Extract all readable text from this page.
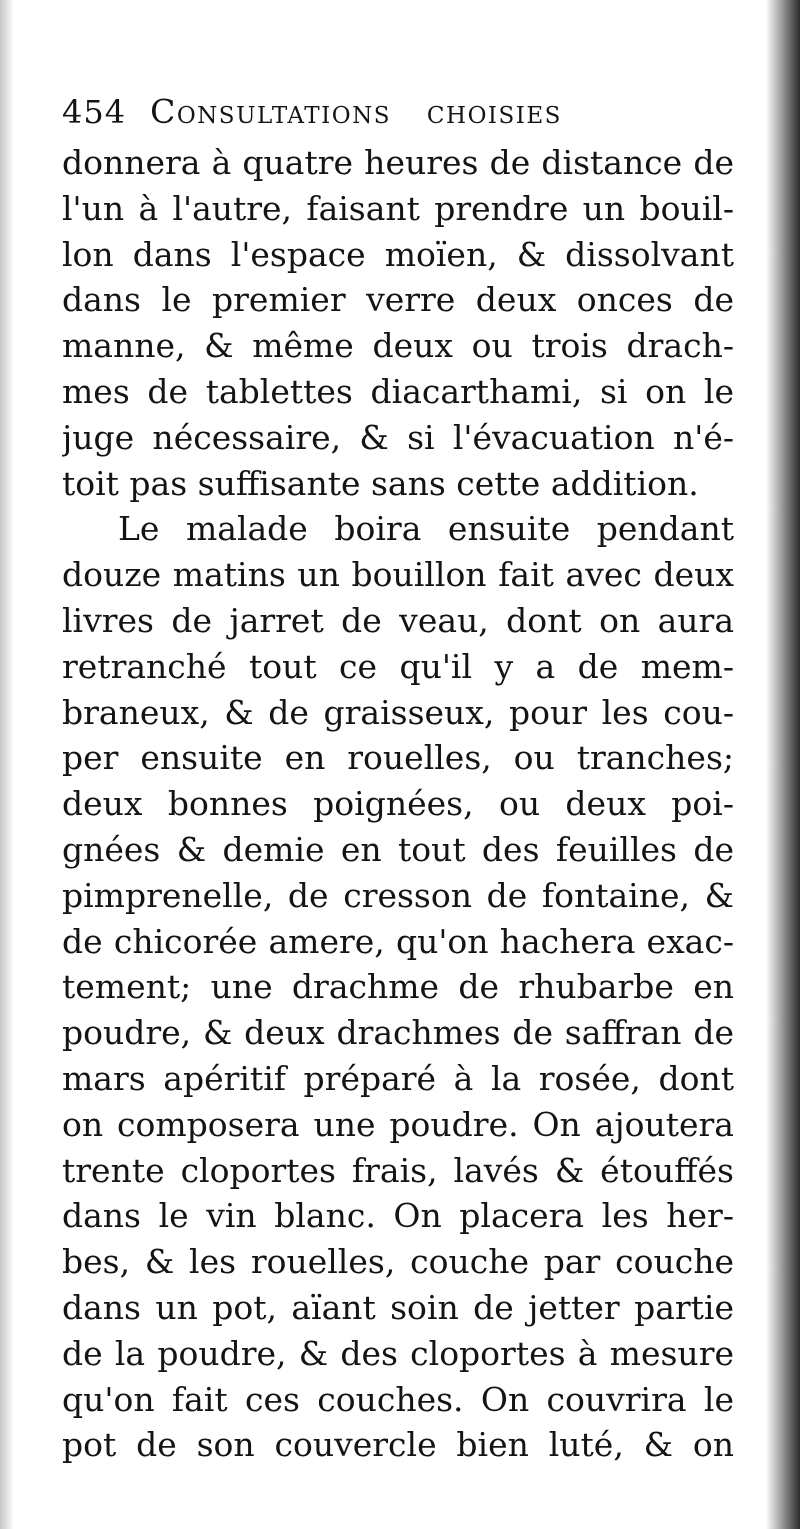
454 Consultations   choisies
donnera à quatre heures de distance de
l'un à l'autre, faisant prendre un bouil-
lon dans l'espace moïen, & dissolvant
dans le premier verre deux onces de
manne, & même deux ou trois drach-
mes de tablettes diacarthami, si on le
juge nécessaire, & si l'évacuation n'é-
toit pas suffisante sans cette addition.
Le malade boira ensuite pendant
douze matins un bouillon fait avec deux
livres de jarret de veau, dont on aura
retranché tout ce qu'il y a de mem-
braneux, & de graisseux, pour les cou-
per ensuite en rouelles, ou tranches;
deux bonnes poignées, ou deux poi-
gnées & demie en tout des feuilles de
pimprenelle, de cresson de fontaine, &
de chicorée amere, qu'on hachera exac-
tement; une drachme de rhubarbe en
poudre, & deux drachmes de saffran de
mars apéritif préparé à la rosée, dont
on composera une poudre. On ajoutera
trente cloportes frais, lavés & étouffés
dans le vin blanc. On placera les her-
bes, & les rouelles, couche par couche
dans un pot, aïant soin de jetter partie
de la poudre, & des cloportes à mesure
qu'on fait ces couches. On couvrira le
pot de son couvercle bien luté, & on
